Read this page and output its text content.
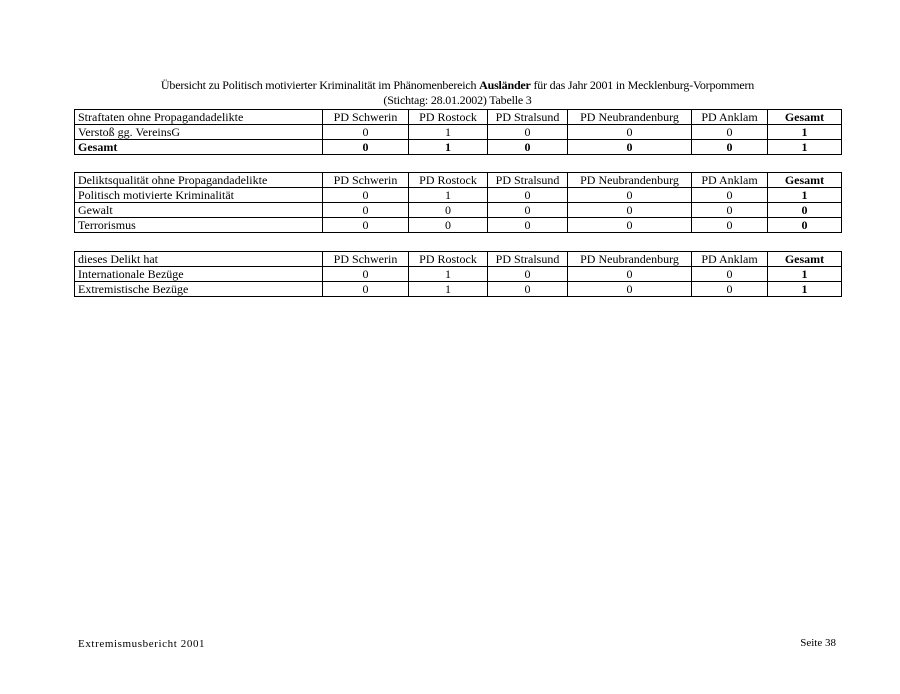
Übersicht zu Politisch motivierter Kriminalität im Phänomenbereich Ausländer für das Jahr 2001 in Mecklenburg-Vorpommern
(Stichtag: 28.01.2002) Tabelle 3
Straftaten ohne Propagandadelikte	PD Schwerin	PD Rostock	PD Stralsund	PD Neubrandenburg	PD Anklam	Gesamt
Verstoß gg. VereinsG	0	1	0	0	0	1
Gesamt	0	1	0	0	0	1
Deliktsqualität ohne Propagandadelikte	PD Schwerin	PD Rostock	PD Stralsund	PD Neubrandenburg	PD Anklam	Gesamt
Politisch motivierte Kriminalität	0	1	0	0	0	1
Gewalt	0	0	0	0	0	0
Terrorismus	0	0	0	0	0	0
dieses Delikt hat	PD Schwerin	PD Rostock	PD Stralsund	PD Neubrandenburg	PD Anklam	Gesamt
Internationale Bezüge	0	1	0	0	0	1
Extremistische Bezüge	0	1	0	0	0	1
Extremismusbericht 2001	Seite 38
